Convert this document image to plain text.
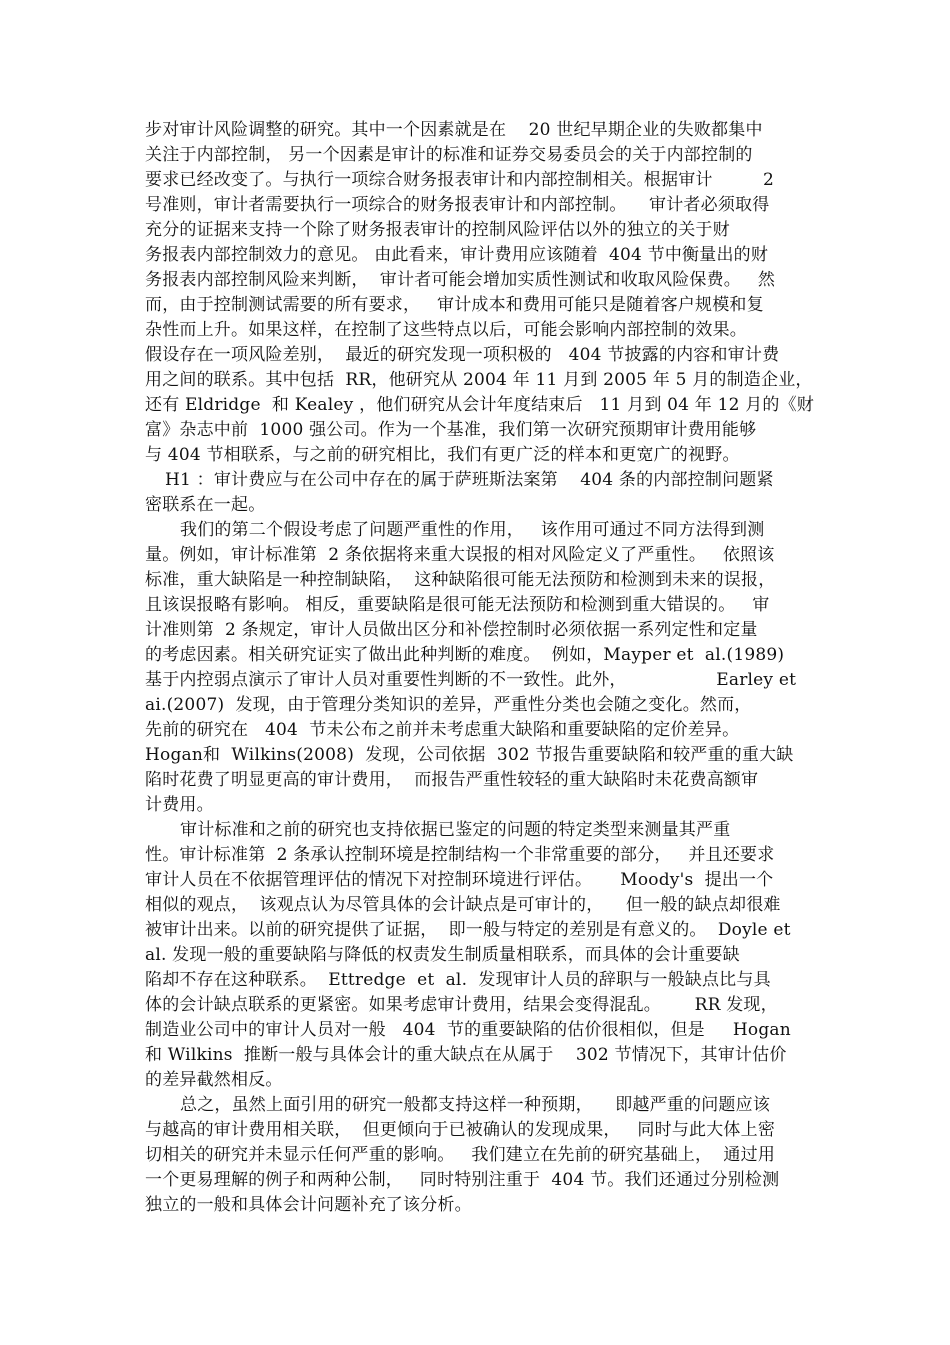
步对审计风险调整的研究。其中一个因素就是在    20 世纪早期企业的失败都集中
关注于内部控制， 另一个因素是审计的标准和证券交易委员会的关于内部控制的
要求已经改变了。与执行一项综合财务报表审计和内部控制相关。根据审计         2
号准则，审计者需要执行一项综合的财务报表审计和内部控制。    审计者必须取得
充分的证据来支持一个除了财务报表审计的控制风险评估以外的独立的关于财
务报表内部控制效力的意见。 由此看来，审计费用应该随着  404 节中衡量出的财
务报表内部控制风险来判断，  审计者可能会增加实质性测试和收取风险保费。   然
而，由于控制测试需要的所有要求，   审计成本和费用可能只是随着客户规模和复
杂性而上升。如果这样，在控制了这些特点以后，可能会影响内部控制的效果。
假设存在一项风险差别，  最近的研究发现一项积极的   404 节披露的内容和审计费
用之间的联系。其中包括  RR，他研究从 2004 年 11 月到 2005 年 5 月的制造企业，
还有 Eldridge  和 Kealey ，他们研究从会计年度结束后   11 月到 04 年 12 月的《财
富》杂志中前  1000 强公司。作为一个基准，我们第一次研究预期审计费用能够
与 404 节相联系，与之前的研究相比，我们有更广泛的样本和更宽广的视野。
H1 ：审计费应与在公司中存在的属于萨班斯法案第    404 条的内部控制问题紧
密联系在一起。
我们的第二个假设考虑了问题严重性的作用，   该作用可通过不同方法得到测
量。例如，审计标准第  2 条依据将来重大误报的相对风险定义了严重性。   依照该
标准，重大缺陷是一种控制缺陷，  这种缺陷很可能无法预防和检测到未来的误报，
且该误报略有影响。 相反，重要缺陷是很可能无法预防和检测到重大错误的。   审
计准则第  2 条规定，审计人员做出区分和补偿控制时必须依据一系列定性和定量
的考虑因素。相关研究证实了做出此种判断的难度。  例如，Mayper et  al.(1989)
基于内控弱点演示了审计人员对重要性判断的不一致性。此外，                Earley et
ai.(2007)  发现，由于管理分类知识的差异，严重性分类也会随之变化。然而，
先前的研究在   404  节未公布之前并未考虑重大缺陷和重要缺陷的定价差异。
Hogan和  Wilkins(2008)  发现，公司依据  302 节报告重要缺陷和较严重的重大缺
陷时花费了明显更高的审计费用，  而报告严重性较轻的重大缺陷时未花费高额审
计费用。
审计标准和之前的研究也支持依据已鉴定的问题的特定类型来测量其严重
性。审计标准第  2 条承认控制环境是控制结构一个非常重要的部分，   并且还要求
审计人员在不依据管理评估的情况下对控制环境进行评估。     Moody's  提出一个
相似的观点，  该观点认为尽管具体的会计缺点是可审计的，    但一般的缺点却很难
被审计出来。以前的研究提供了证据，  即一般与特定的差别是有意义的。  Doyle et
al. 发现一般的重要缺陷与降低的权责发生制质量相联系，而具体的会计重要缺
陷却不存在这种联系。  Ettredge  et  al.  发现审计人员的辞职与一般缺点比与具
体的会计缺点联系的更紧密。如果考虑审计费用，结果会变得混乱。      RR 发现，
制造业公司中的审计人员对一般   404  节的重要缺陷的估价很相似，但是     Hogan
和 Wilkins  推断一般与具体会计的重大缺点在从属于    302 节情况下，其审计估价
的差异截然相反。
总之，虽然上面引用的研究一般都支持这样一种预期，    即越严重的问题应该
与越高的审计费用相关联，  但更倾向于已被确认的发现成果，   同时与此大体上密
切相关的研究并未显示任何严重的影响。   我们建立在先前的研究基础上，  通过用
一个更易理解的例子和两种公制，   同时特别注重于  404 节。我们还通过分别检测
独立的一般和具体会计问题补充了该分析。
